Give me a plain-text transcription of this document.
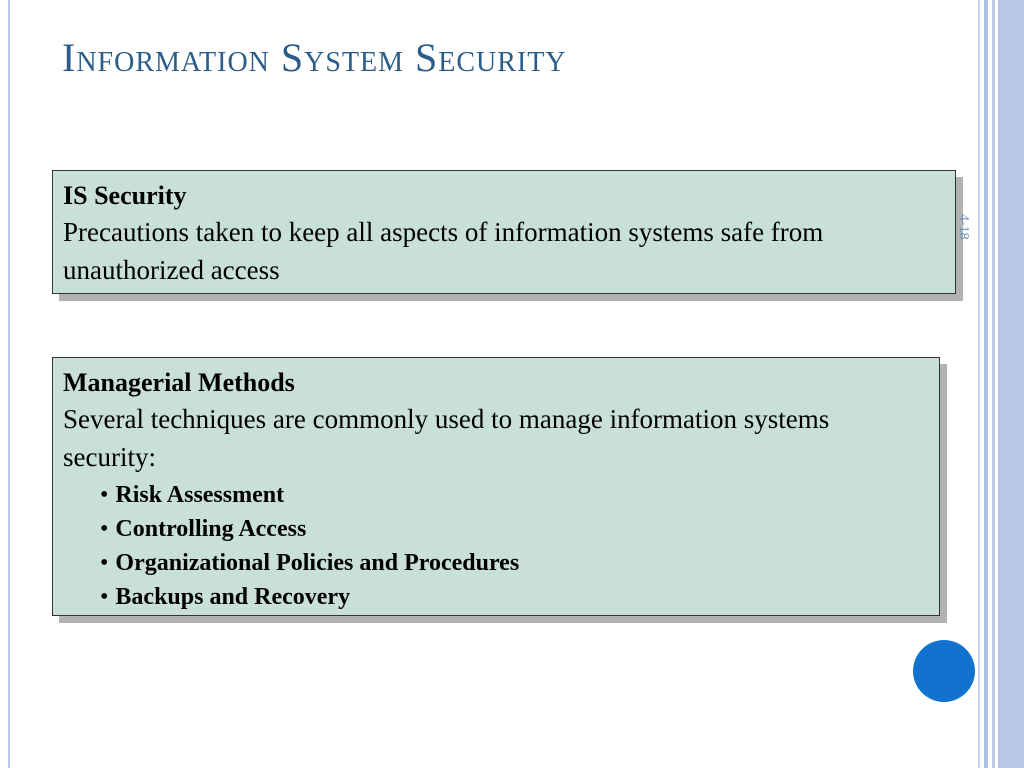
Information System Security
IS Security
Precautions taken to keep all aspects of information systems safe from unauthorized access
4-18
Managerial Methods
Several techniques are commonly used to manage information systems security:
• Risk Assessment
• Controlling Access
• Organizational Policies and Procedures
• Backups and Recovery
